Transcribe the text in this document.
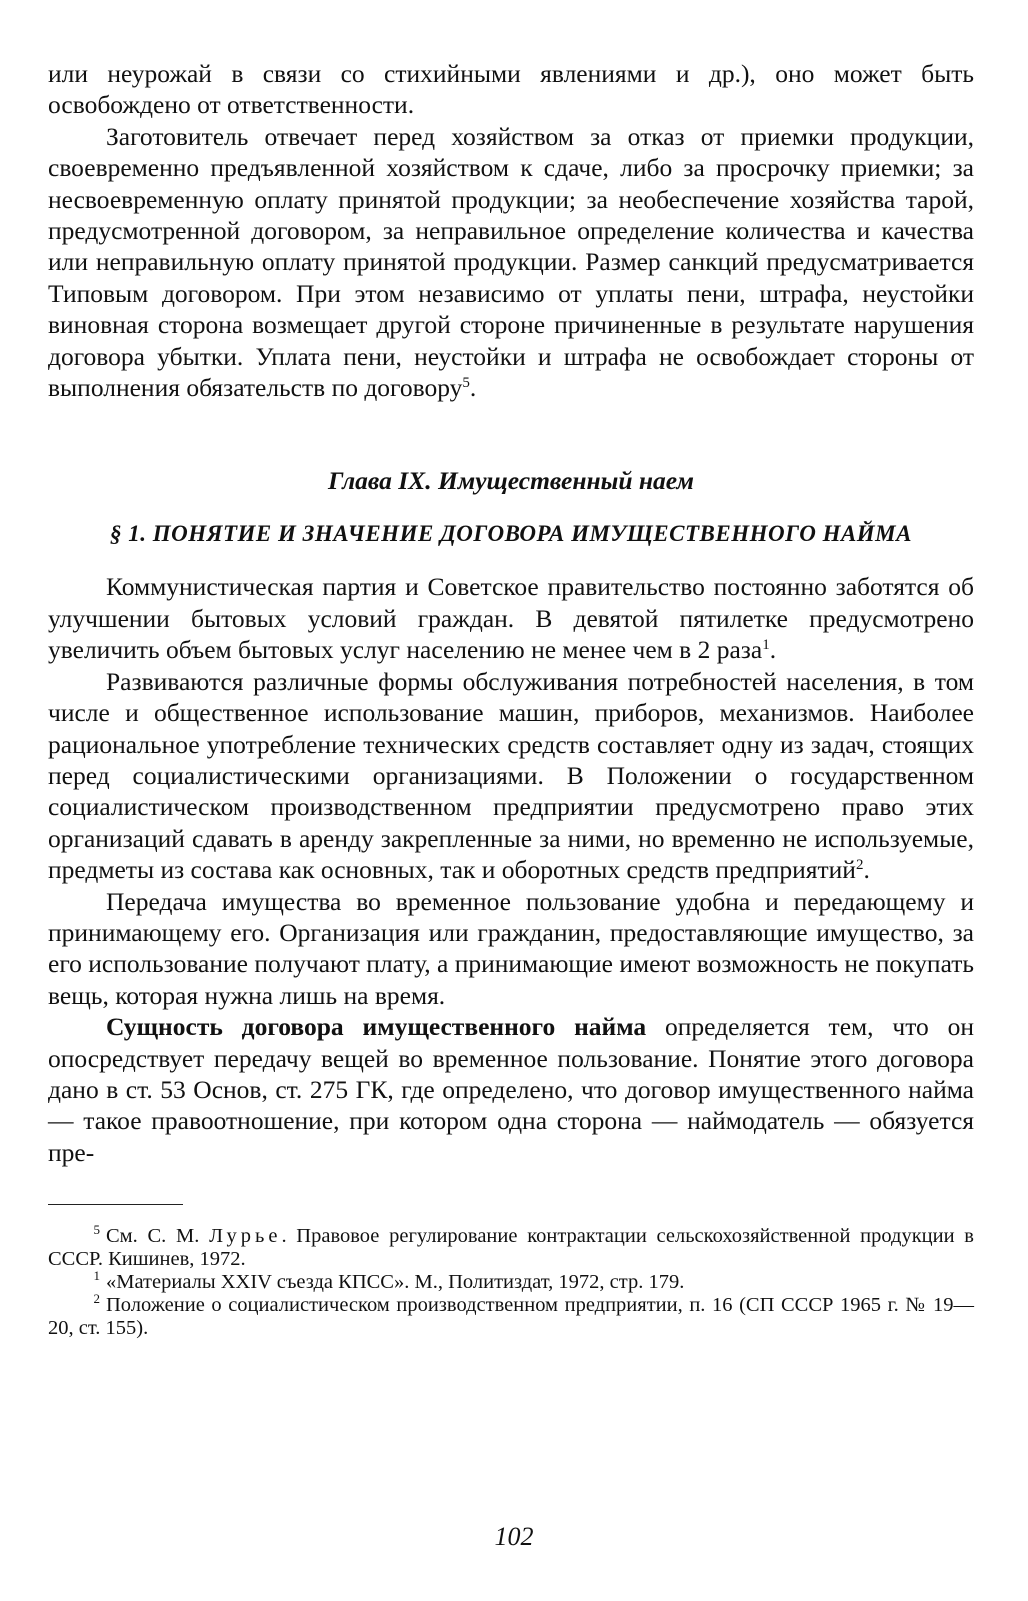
или неурожай в связи со стихийными явлениями и др.), оно может быть освобождено от ответственности.

Заготовитель отвечает перед хозяйством за отказ от приемки продукции, своевременно предъявленной хозяйством к сдаче, либо за просрочку приемки; за несвоевременную оплату принятой продукции; за необеспечение хозяйства тарой, предусмотренной договором, за неправильное определение количества и качества или неправильную оплату принятой продукции. Размер санкций предусматривается Типовым договором. При этом независимо от уплаты пени, штрафа, неустойки виновная сторона возмещает другой стороне причиненные в результате нарушения договора убытки. Уплата пени, неустойки и штрафа не освобождает стороны от выполнения обязательств по договору$^5$.

Глава IX. Имущественный наем
§ 1. ПОНЯТИЕ И ЗНАЧЕНИЕ ДОГОВОРА ИМУЩЕСТВЕННОГО НАЙМА

Коммунистическая партия и Советское правительство постоянно заботятся об улучшении бытовых условий граждан. В девятой пятилетке предусмотрено увеличить объем бытовых услуг населению не менее чем в 2 раза$^1$.

Развиваются различные формы обслуживания потребностей населения, в том числе и общественное использование машин, приборов, механизмов. Наиболее рациональное употребление технических средств составляет одну из задач, стоящих перед социалистическими организациями. В Положении о государственном социалистическом производственном предприятии предусмотрено право этих организаций сдавать в аренду закрепленные за ними, но временно не используемые, предметы из состава как основных, так и оборотных средств предприятий$^2$.

Передача имущества во временное пользование удобна и передающему и принимающему его. Организация или гражданин, предоставляющие имущество, за его использование получают плату, а принимающие имеют возможность не покупать вещь, которая нужна лишь на время.

Сущность договора имущественного найма определяется тем, что он опосредствует передачу вещей во временное пользование. Понятие этого договора дано в ст. 53 Основ, ст. 275 ГК, где определено, что договор имущественного найма — такое правоотношение, при котором одна сторона — наймодатель — обязуется пре-

$^5$ См. С. М. Лурье. Правовое регулирование контрактации сельскохозяйственной продукции в СССР. Кишинев, 1972.

$^1$ «Материалы XXIV съезда КПСС». М., Политиздат, 1972, стр. 179.

$^2$ Положение о социалистическом производственном предприятии, п. 16 (СП СССР 1965 г. № 19—20, ст. 155).

102
